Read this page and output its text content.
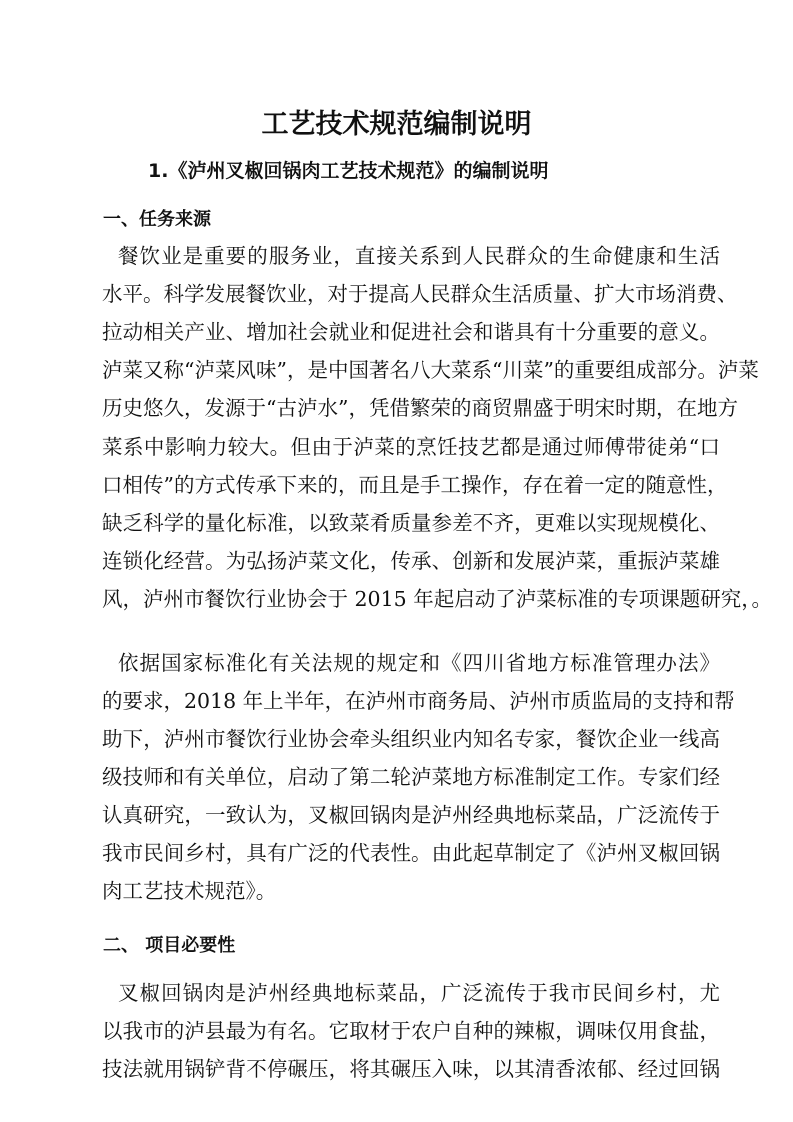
工艺技术规范编制说明
1.《泸州叉椒回锅肉工艺技术规范》的编制说明
一、任务来源
餐饮业是重要的服务业，直接关系到人民群众的生命健康和生活
水平。科学发展餐饮业，对于提高人民群众生活质量、扩大市场消费、
拉动相关产业、增加社会就业和促进社会和谐具有十分重要的意义。
泸菜又称“泸菜风味”，是中国著名八大菜系“川菜”的重要组成部分。泸菜
历史悠久，发源于“古泸水”，凭借繁荣的商贸鼎盛于明宋时期，在地方
菜系中影响力较大。但由于泸菜的烹饪技艺都是通过师傅带徒弟“口
口相传”的方式传承下来的，而且是手工操作，存在着一定的随意性，
缺乏科学的量化标准，以致菜肴质量参差不齐，更难以实现规模化、
连锁化经营。为弘扬泸菜文化，传承、创新和发展泸菜，重振泸菜雄
风，泸州市餐饮行业协会于 2015 年起启动了泸菜标准的专项课题研究，。
依据国家标准化有关法规的规定和《四川省地方标准管理办法》
的要求，2018 年上半年，在泸州市商务局、泸州市质监局的支持和帮
助下，泸州市餐饮行业协会牵头组织业内知名专家，餐饮企业一线高
级技师和有关单位，启动了第二轮泸菜地方标准制定工作。专家们经
认真研究，一致认为，叉椒回锅肉是泸州经典地标菜品，广泛流传于
我市民间乡村，具有广泛的代表性。由此起草制定了《泸州叉椒回锅
肉工艺技术规范》。
二、 项目必要性
叉椒回锅肉是泸州经典地标菜品，广泛流传于我市民间乡村，尤
以我市的泸县最为有名。它取材于农户自种的辣椒，调味仅用食盐，
技法就用锅铲背不停碾压，将其碾压入味，以其清香浓郁、经过回锅
